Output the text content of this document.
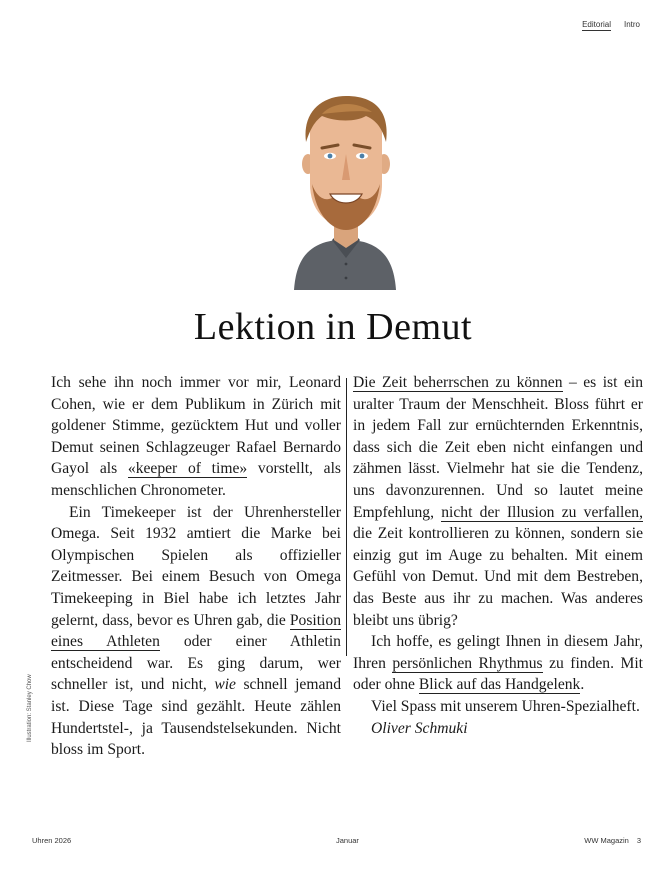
Editorial Intro
Lektion in Demut

Ich sehe ihn noch immer vor mir, Leonard Cohen, wie er dem Publikum in Zürich mit goldener Stimme, gezücktem Hut und voller Demut seinen Schlagzeuger Rafael Bernardo Gayol als «keeper of time» vorstellt, als menschlichen Chronometer.

Ein Timekeeper ist der Uhrenhersteller Omega. Seit 1932 amtiert die Marke bei Olympischen Spielen als offizieller Zeitmesser. Bei einem Besuch von Omega Timekeeping in Biel habe ich letztes Jahr gelernt, dass, bevor es Uhren gab, die Position eines Athleten oder einer Athletin entscheidend war. Es ging darum, wer schneller ist, und nicht, wie schnell jemand ist. Diese Tage sind gezählt. Heute zählen Hundertstel-, ja Tausendstelsekunden. Nicht bloss im Sport.

Die Zeit beherrschen zu können – es ist ein uralter Traum der Menschheit. Bloss führt er in jedem Fall zur ernüchternden Erkenntnis, dass sich die Zeit eben nicht einfangen und zähmen lässt. Vielmehr hat sie die Tendenz, uns davonzurennen. Und so lautet meine Empfehlung, nicht der Illusion zu verfallen, die Zeit kontrollieren zu können, sondern sie einzig gut im Auge zu behalten. Mit einem Gefühl von Demut. Und mit dem Bestreben, das Beste aus ihr zu machen. Was anderes bleibt uns übrig?

Ich hoffe, es gelingt Ihnen in diesem Jahr, Ihren persönlichen Rhythmus zu finden. Mit oder ohne Blick auf das Handgelenk.

Viel Spass mit unserem Uhren-Spezialheft.

Oliver Schmuki

Illustration: Stanley Chow
Uhren 2026	Januar	WW Magazin 3
